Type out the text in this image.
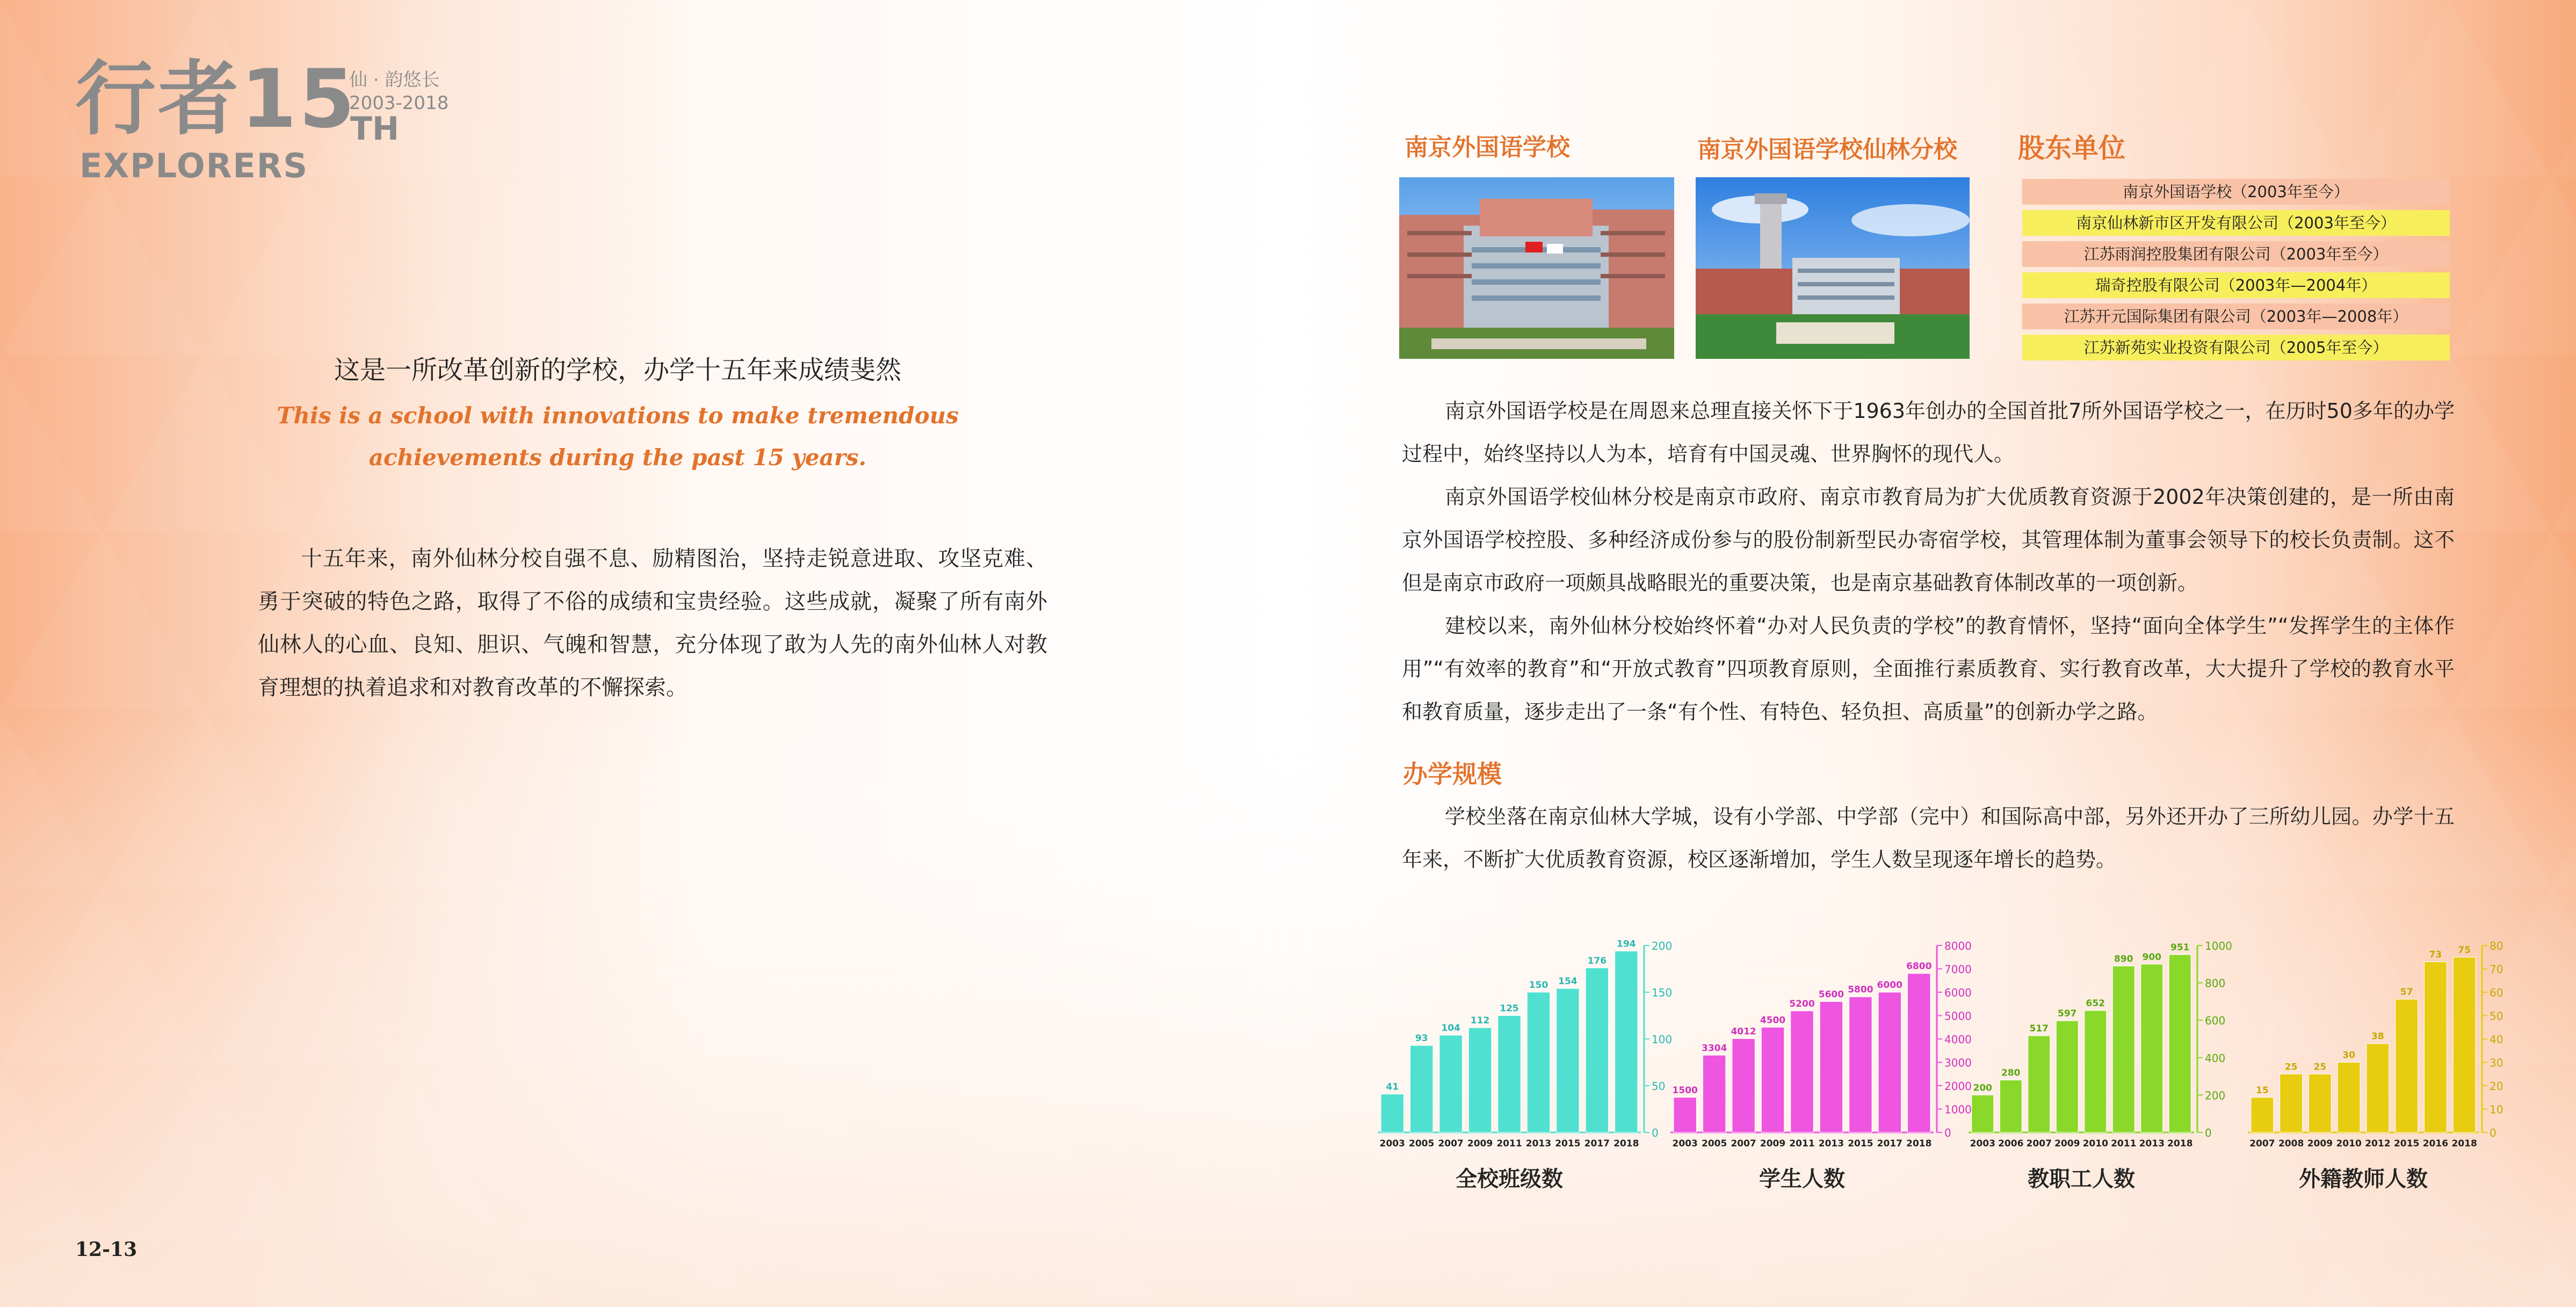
行者15
仙 · 韵悠长
2003-2018
TH
EXPLORERS
这是一所改革创新的学校，办学十五年来成绩斐然
This is a school with innovations to make tremendous
achievements during the past 15 years.
十五年来，南外仙林分校自强不息、励精图治，坚持走锐意进取、攻坚克难、勇于突破的特色之路，取得了不俗的成绩和宝贵经验。这些成就，凝聚了所有南外仙林人的心血、良知、胆识、气魄和智慧，充分体现了敢为人先的南外仙林人对教育理想的执着追求和对教育改革的不懈探索。
12-13
南京外国语学校	南京外国语学校仙林分校 股东单位
南京外国语学校（2003年至今）
南京仙林新市区开发有限公司（2003年至今）
江苏雨润控股集团有限公司（2003年至今）
瑞奇控股有限公司（2003年—2004年）
江苏开元国际集团有限公司（2003年—2008年）
江苏新苑实业投资有限公司（2005年至今）

南京外国语学校是在周恩来总理直接关怀下于1963年创办的全国首批7所外国语学校之一，在历时50多年的办学过程中，始终坚持以人为本，培育有中国灵魂、世界胸怀的现代人。

南京外国语学校仙林分校是南京市政府、南京市教育局为扩大优质教育资源于2002年决策创建的，是一所由南京外国语学校控股、多种经济成份参与的股份制新型民办寄宿学校，其管理体制为董事会领导下的校长负责制。这不但是南京市政府一项颇具战略眼光的重要决策，也是南京基础教育体制改革的一项创新。

建校以来，南外仙林分校始终怀着“办对人民负责的学校”的教育情怀，坚持“面向全体学生”“发挥学生的主体作用”“有效率的教育”和“开放式教育”四项教育原则，全面推行素质教育、实行教育改革，大大提升了学校的教育水平和教育质量，逐步走出了一条“有个性、有特色、轻负担、高质量”的创新办学之路。

办学规模

学校坐落在南京仙林大学城，设有小学部、中学部（完中）和国际高中部，另外还开办了三所幼儿园。办学十五年来，不断扩大优质教育资源，校区逐渐增加，学生人数呈现逐年增长的趋势。

0
50
100
150
200
41
2003
93
2005
104
2007
112
2009
125
2011
150
2013
154
2015
176
2017
194
2018
0
1000
2000
3000
4000
5000
6000
7000
8000
1500
2003
3304
2005
4012
2007
4500
2009
5200
2011
5600
2013
5800
2015
6000
2017
6800
2018
0
200
400
600
800
1000
200
2003
280
2006
517
2007
597
2009
652
2010
890
2011
900
2013
951
2018
0
10
20
30
40
50
60
70
80
15
2007
25
2008
25
2009
30
2010
38
2012
57
2015
73
2016
75
2018
全校班级数	学生人数	教职工人数	外籍教师人数
